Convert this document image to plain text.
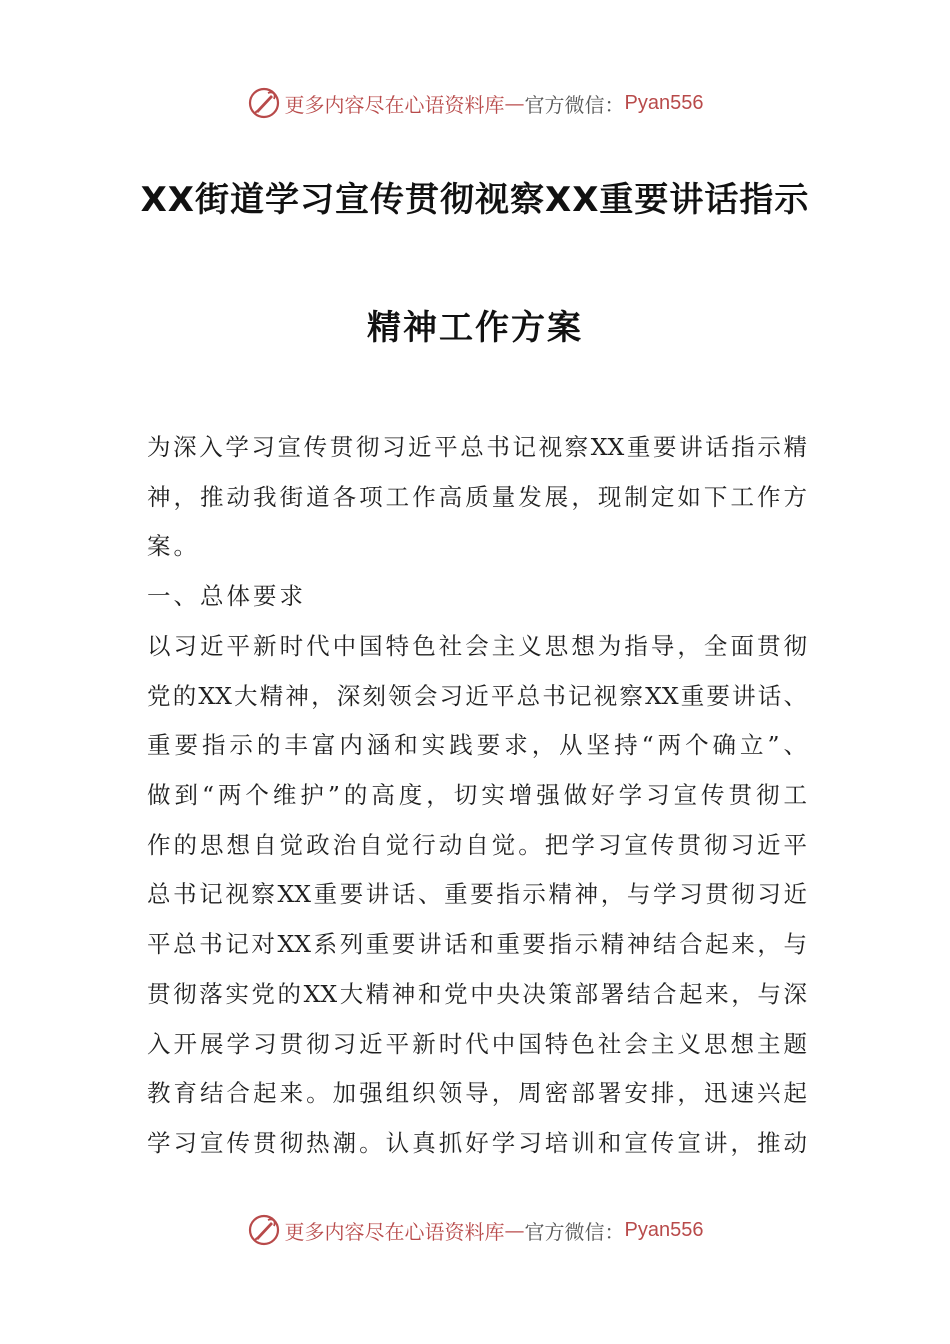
更多内容尽在心语资料库 — 官方微信： Pyan556
XX街道学习宣传贯彻视察XX重要讲话指示
精神工作方案
为深入学习宣传贯彻习近平总书记视察XX重要讲话指示精
神，推动我街道各项工作高质量发展，现制定如下工作方
案。
一、总体要求
以习近平新时代中国特色社会主义思想为指导，全面贯彻
党的XX大精神，深刻领会习近平总书记视察XX重要讲话、
重要指示的丰富内涵和实践要求，从坚持“两个确立”、
做到“两个维护”的高度，切实增强做好学习宣传贯彻工
作的思想自觉政治自觉行动自觉。把学习宣传贯彻习近平
总书记视察XX重要讲话、重要指示精神，与学习贯彻习近
平总书记对XX系列重要讲话和重要指示精神结合起来，与
贯彻落实党的XX大精神和党中央决策部署结合起来，与深
入开展学习贯彻习近平新时代中国特色社会主义思想主题
教育结合起来。加强组织领导，周密部署安排，迅速兴起
学习宣传贯彻热潮。认真抓好学习培训和宣传宣讲，推动
更多内容尽在心语资料库 — 官方微信： Pyan556
